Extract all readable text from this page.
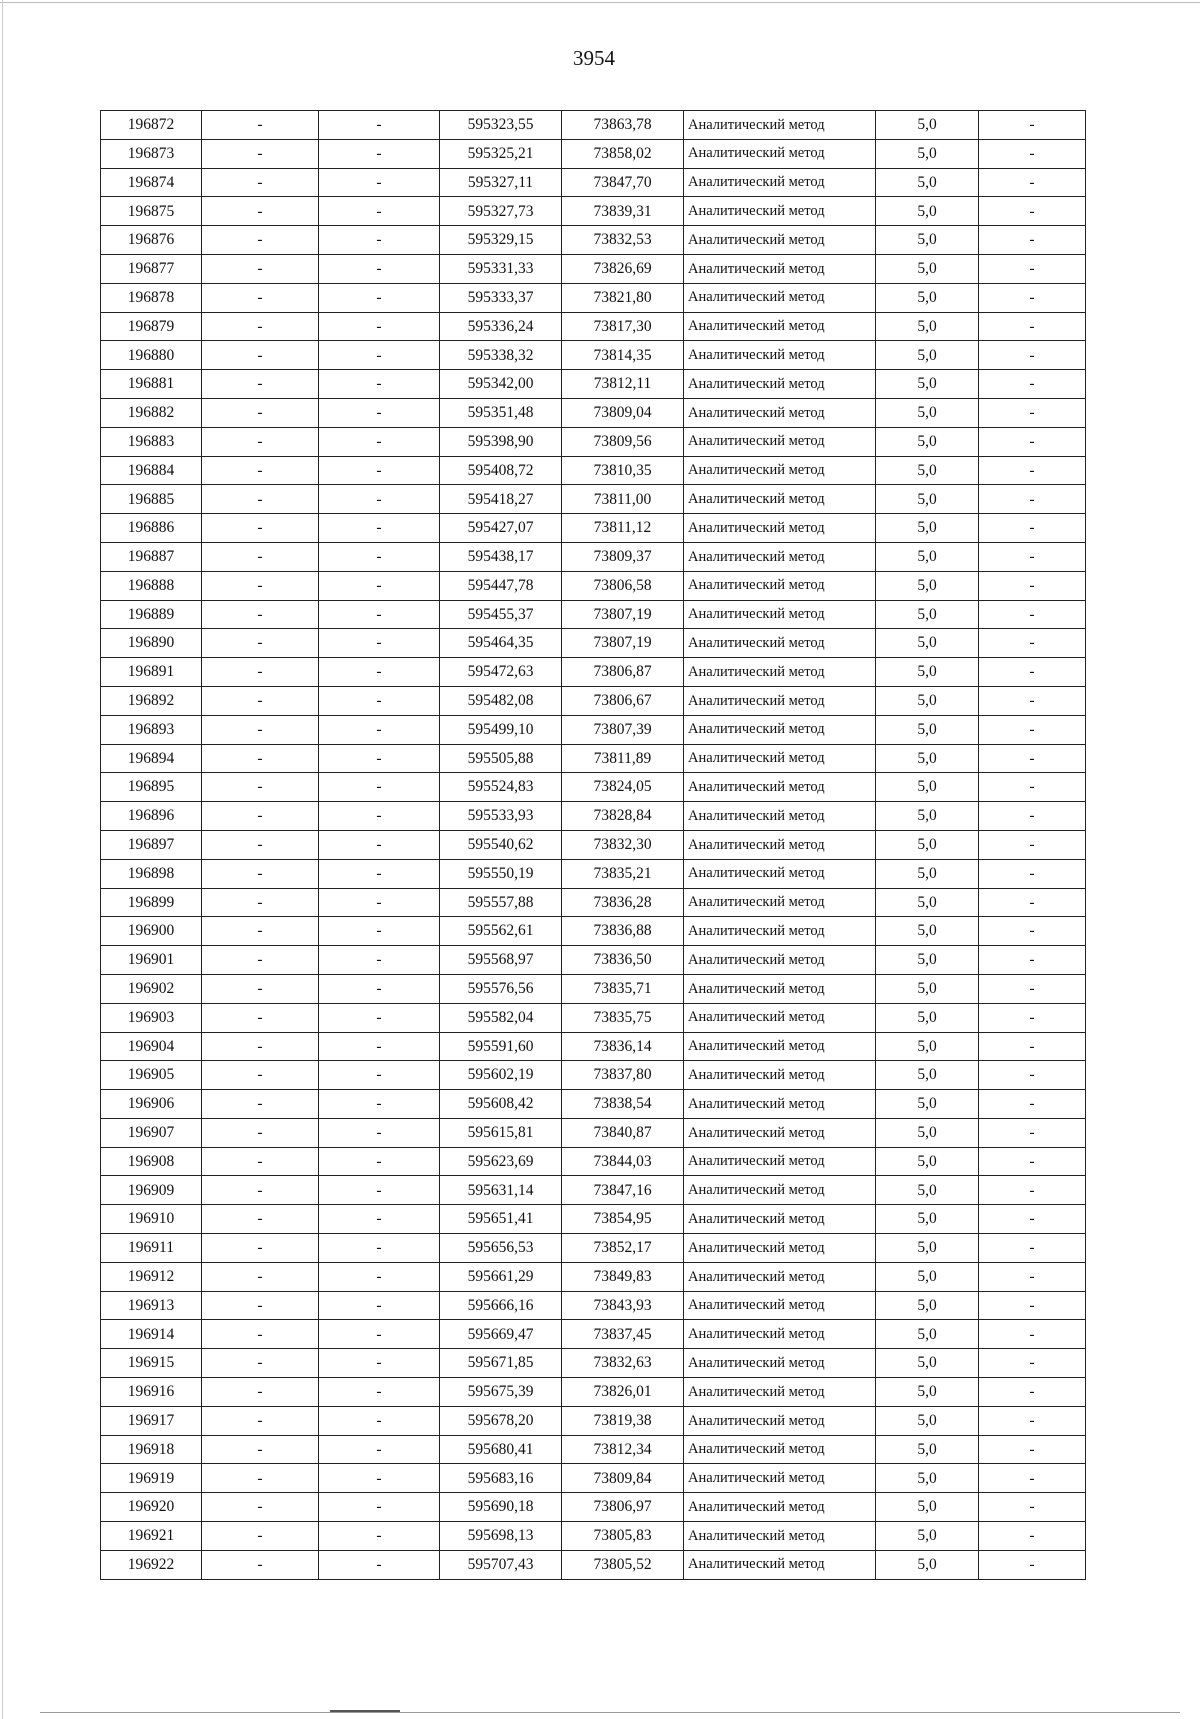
3954
196872	-	-	595323,55	73863,78	Аналитический метод	5,0	-
196873	-	-	595325,21	73858,02	Аналитический метод	5,0	-
196874	-	-	595327,11	73847,70	Аналитический метод	5,0	-
196875	-	-	595327,73	73839,31	Аналитический метод	5,0	-
196876	-	-	595329,15	73832,53	Аналитический метод	5,0	-
196877	-	-	595331,33	73826,69	Аналитический метод	5,0	-
196878	-	-	595333,37	73821,80	Аналитический метод	5,0	-
196879	-	-	595336,24	73817,30	Аналитический метод	5,0	-
196880	-	-	595338,32	73814,35	Аналитический метод	5,0	-
196881	-	-	595342,00	73812,11	Аналитический метод	5,0	-
196882	-	-	595351,48	73809,04	Аналитический метод	5,0	-
196883	-	-	595398,90	73809,56	Аналитический метод	5,0	-
196884	-	-	595408,72	73810,35	Аналитический метод	5,0	-
196885	-	-	595418,27	73811,00	Аналитический метод	5,0	-
196886	-	-	595427,07	73811,12	Аналитический метод	5,0	-
196887	-	-	595438,17	73809,37	Аналитический метод	5,0	-
196888	-	-	595447,78	73806,58	Аналитический метод	5,0	-
196889	-	-	595455,37	73807,19	Аналитический метод	5,0	-
196890	-	-	595464,35	73807,19	Аналитический метод	5,0	-
196891	-	-	595472,63	73806,87	Аналитический метод	5,0	-
196892	-	-	595482,08	73806,67	Аналитический метод	5,0	-
196893	-	-	595499,10	73807,39	Аналитический метод	5,0	-
196894	-	-	595505,88	73811,89	Аналитический метод	5,0	-
196895	-	-	595524,83	73824,05	Аналитический метод	5,0	-
196896	-	-	595533,93	73828,84	Аналитический метод	5,0	-
196897	-	-	595540,62	73832,30	Аналитический метод	5,0	-
196898	-	-	595550,19	73835,21	Аналитический метод	5,0	-
196899	-	-	595557,88	73836,28	Аналитический метод	5,0	-
196900	-	-	595562,61	73836,88	Аналитический метод	5,0	-
196901	-	-	595568,97	73836,50	Аналитический метод	5,0	-
196902	-	-	595576,56	73835,71	Аналитический метод	5,0	-
196903	-	-	595582,04	73835,75	Аналитический метод	5,0	-
196904	-	-	595591,60	73836,14	Аналитический метод	5,0	-
196905	-	-	595602,19	73837,80	Аналитический метод	5,0	-
196906	-	-	595608,42	73838,54	Аналитический метод	5,0	-
196907	-	-	595615,81	73840,87	Аналитический метод	5,0	-
196908	-	-	595623,69	73844,03	Аналитический метод	5,0	-
196909	-	-	595631,14	73847,16	Аналитический метод	5,0	-
196910	-	-	595651,41	73854,95	Аналитический метод	5,0	-
196911	-	-	595656,53	73852,17	Аналитический метод	5,0	-
196912	-	-	595661,29	73849,83	Аналитический метод	5,0	-
196913	-	-	595666,16	73843,93	Аналитический метод	5,0	-
196914	-	-	595669,47	73837,45	Аналитический метод	5,0	-
196915	-	-	595671,85	73832,63	Аналитический метод	5,0	-
196916	-	-	595675,39	73826,01	Аналитический метод	5,0	-
196917	-	-	595678,20	73819,38	Аналитический метод	5,0	-
196918	-	-	595680,41	73812,34	Аналитический метод	5,0	-
196919	-	-	595683,16	73809,84	Аналитический метод	5,0	-
196920	-	-	595690,18	73806,97	Аналитический метод	5,0	-
196921	-	-	595698,13	73805,83	Аналитический метод	5,0	-
196922	-	-	595707,43	73805,52	Аналитический метод	5,0	-
